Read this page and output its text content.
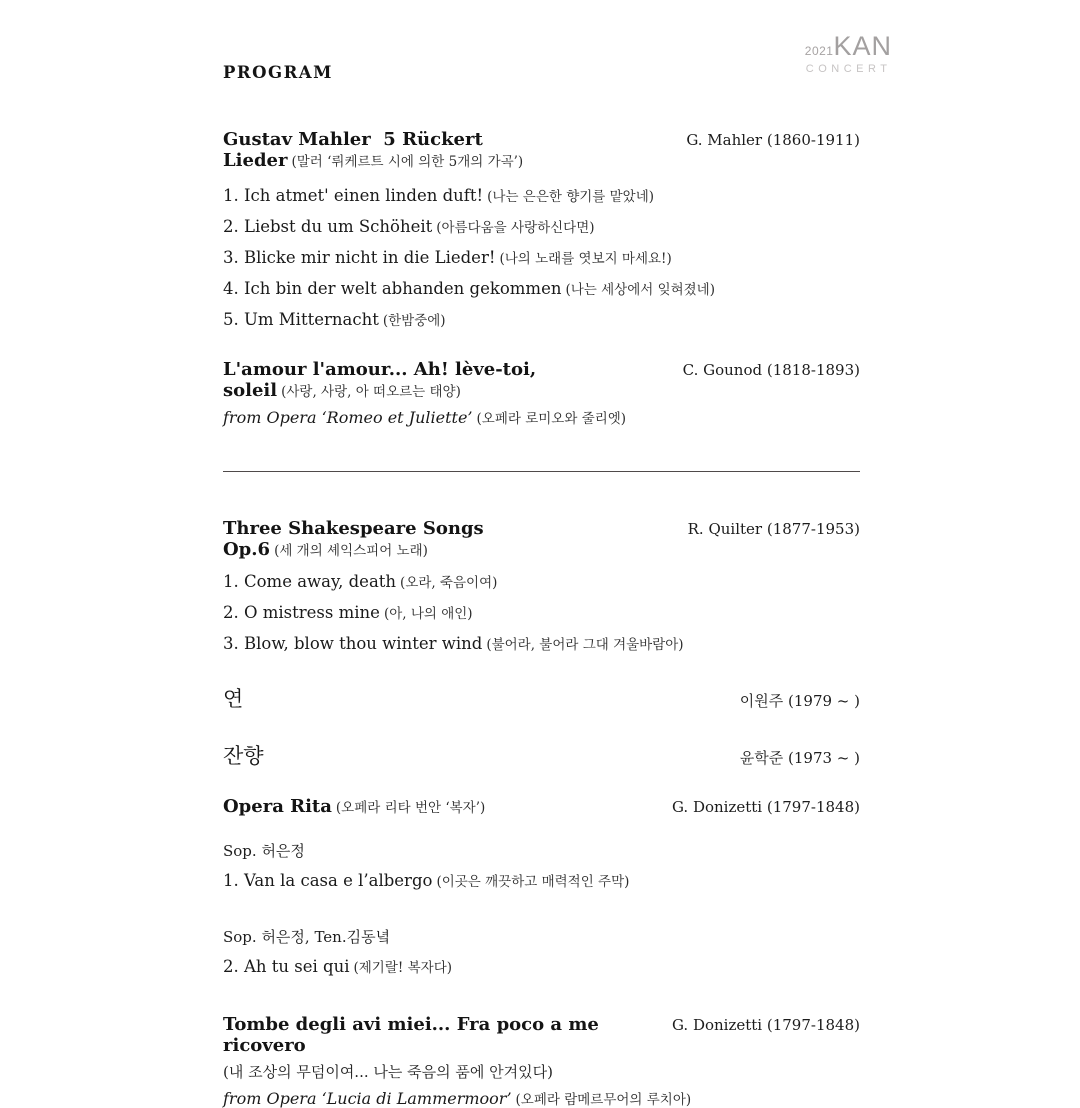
2021 KAN
CONCERT
PROGRAM
Gustav Mahler  5 Rückert Lieder (말러 ‘뤼케르트 시에 의한 5개의 가곡’)
G. Mahler (1860-1911)
1. Ich atmet' einen linden duft! (나는 은은한 향기를 맡았네)
2. Liebst du um Schöheit (아름다움을 사랑하신다면)
3. Blicke mir nicht in die Lieder! (나의 노래를 엿보지 마세요!)
4. Ich bin der welt abhanden gekommen (나는 세상에서 잊혀졌네)
5. Um Mitternacht (한밤중에)
L'amour l'amour... Ah! lève-toi, soleil (사랑, 사랑, 아 떠오르는 태양)
C. Gounod (1818-1893)
from Opera ‘Romeo et Juliette’ (오페라 로미오와 줄리엣)
Three Shakespeare Songs  Op.6 (세 개의 셰익스피어 노래)
R. Quilter (1877-1953)
1. Come away, death (오라, 죽음이여)
2. O mistress mine (아, 나의 애인)
3. Blow, blow thou winter wind (불어라, 불어라 그대 겨울바람아)
연	이원주 (1979 ~ )
잔향	윤학준 (1973 ~ )
Opera Rita (오페라 리타 번안 ‘복자’)	G. Donizetti (1797-1848)
Sop. 허은정
1. Van la casa e l’albergo (이곳은 깨끗하고 매력적인 주막)
Sop. 허은정, Ten.김동녘
2. Ah tu sei qui (제기랄! 복자다)
Tombe degli avi miei... Fra poco a me ricovero
G. Donizetti (1797-1848)
(내 조상의 무덤이여... 나는 죽음의 품에 안겨있다)
from Opera ‘Lucia di Lammermoor’ (오페라 람메르무어의 루치아)
